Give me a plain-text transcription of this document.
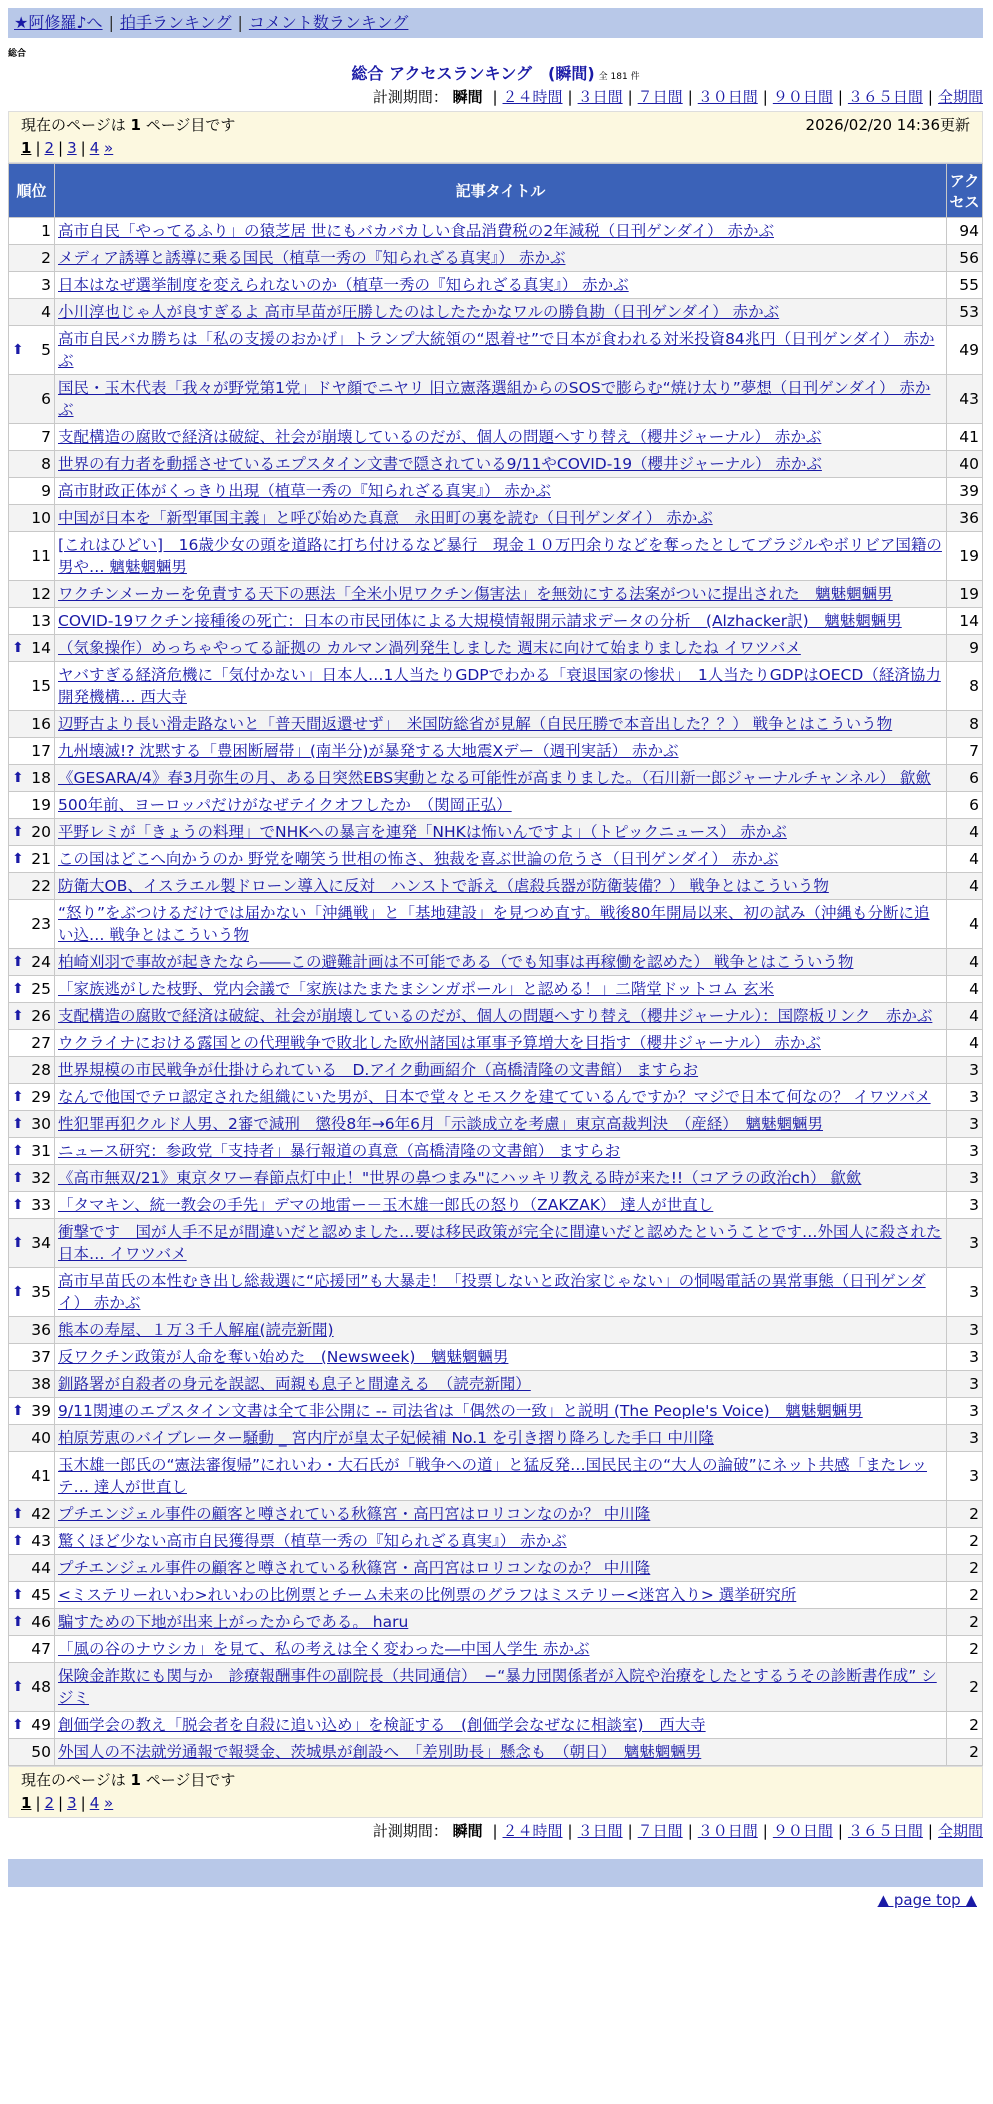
★阿修羅♪へ | 拍手ランキング | コメント数ランキング
総合
総合 アクセスランキング　(瞬間) 全 181 件
計測期間： 瞬間 | ２４時間 | ３日間 | ７日間 | ３０日間 | ９０日間 | ３６５日間 | 全期間
現在のページは 1 ページ目です	2026/02/20 14:36更新
1 | 2 | 3 | 4 »
順位	記事タイトル	アクセス
1	高市自民「やってるふり」の猿芝居 世にもバカバカしい食品消費税の2年減税（日刊ゲンダイ） 赤かぶ	94
2	メディア誘導と誘導に乗る国民（植草一秀の『知られざる真実』） 赤かぶ	56
3	日本はなぜ選挙制度を変えられないのか（植草一秀の『知られざる真実』） 赤かぶ	55
4	小川淳也じゃ人が良すぎるよ 高市早苗が圧勝したのはしたたかなワルの勝負勘（日刊ゲンダイ） 赤かぶ	53

⬆ 5	高市自民バカ勝ちは「私の支援のおかげ」トランプ大統領の“恩着せ”で日本が食われる対米投資84兆円（日刊ゲンダイ） 赤かぶ	49
6	国民・玉木代表「我々が野党第1党」ドヤ顔でニヤリ 旧立憲落選組からのSOSで膨らむ“焼け太り”夢想（日刊ゲンダイ） 赤かぶ	43
7	支配構造の腐敗で経済は破綻、社会が崩壊しているのだが、個人の問題へすり替え（櫻井ジャーナル） 赤かぶ	41
8	世界の有力者を動揺させているエプスタイン文書で隠されている9/11やCOVID-19（櫻井ジャーナル） 赤かぶ	40
9	高市財政正体がくっきり出現（植草一秀の『知られざる真実』） 赤かぶ	39
10	中国が日本を「新型軍国主義」と呼び始めた真意　永田町の裏を読む（日刊ゲンダイ） 赤かぶ	36
11	[これはひどい]　16歳少女の頭を道路に打ち付けるなど暴行　現金１０万円余りなどを奪ったとしてブラジルやボリビア国籍の男や… 魑魅魍魎男	19
12	ワクチンメーカーを免責する天下の悪法「全米小児ワクチン傷害法」を無効にする法案がついに提出された　魑魅魍魎男	19
13	COVID-19ワクチン接種後の死亡：日本の市民団体による大規模情報開示請求データの分析　(Alzhacker訳)　魑魅魍魎男	14

⬆ 14	（気象操作）めっちゃやってる証拠の カルマン渦列発生しました 週末に向けて始まりましたね イワツバメ	9
15	ヤバすぎる経済危機に「気付かない」日本人…1人当たりGDPでわかる「衰退国家の惨状」　1人当たりGDPはOECD（経済協力開発機構… 西大寺	8
16	辺野古より長い滑走路ないと「普天間返還せず」　米国防総省が見解（自民圧勝で本音出した？？） 戦争とはこういう物	8
17	九州壊滅!? 沈黙する「豊困断層帯」(南半分)が暴発する大地震Xデー（週刊実話） 赤かぶ	7

⬆ 18	《GESARA/4》春3月弥生の月、ある日突然EBS実動となる可能性が高まりました。（石川新一郎ジャーナルチャンネル） 歙歛	6
19	500年前、ヨーロッパだけがなぜテイクオフしたか　（関岡正弘）	6

⬆ 20	平野レミが「きょうの料理」でNHKへの暴言を連発「NHKは怖いんですよ」（トピックニュース） 赤かぶ	4

⬆ 21	この国はどこへ向かうのか 野党を嘲笑う世相の怖さ、独裁を喜ぶ世論の危うさ（日刊ゲンダイ） 赤かぶ	4
22	防衛大OB、イスラエル製ドローン導入に反対　ハンストで訴え（虐殺兵器が防衛装備？） 戦争とはこういう物	4
23	“怒り”をぶつけるだけでは届かない「沖縄戦」と「基地建設」を見つめ直す。戦後80年開局以来、初の試み（沖縄も分断に追い込… 戦争とはこういう物	4

⬆ 24	柏崎刈羽で事故が起きたなら――この避難計画は不可能である（でも知事は再稼働を認めた） 戦争とはこういう物	4

⬆ 25	「家族逃がした枝野、党内会議で「家族はたまたまシンガポール」と認める！」二階堂ドットコム 玄米	4

⬆ 26	支配構造の腐敗で経済は破綻、社会が崩壊しているのだが、個人の問題へすり替え（櫻井ジャーナル）：国際板リンク　赤かぶ	4
27	ウクライナにおける露国との代理戦争で敗北した欧州諸国は軍事予算増大を目指す（櫻井ジャーナル） 赤かぶ	4
28	世界規模の市民戦争が仕掛けられている　D.アイク動画紹介（高橋清隆の文書館） ますらお	3

⬆ 29	なんで他国でテロ認定された組織にいた男が、日本で堂々とモスクを建てているんですか？マジで日本て何なの？ イワツバメ	3

⬆ 30	性犯罪再犯クルド人男、2審で減刑　懲役8年→6年6月「示談成立を考慮」東京高裁判決　（産経）　魑魅魍魎男	3

⬆ 31	ニュース研究：参政党「支持者」暴行報道の真意（高橋清隆の文書館） ますらお	3

⬆ 32	《高市無双/21》東京タワー春節点灯中止！"世界の鼻つまみ"にハッキリ教える時が来た!!（コアラの政治ch） 歙歛	3

⬆ 33	「タマキン、統一教会の手先」デマの地雷ー－玉木雄一郎氏の怒り（ZAKZAK） 達人が世直し	3

⬆ 34	衝撃です　国が人手不足が間違いだと認めました…要は移民政策が完全に間違いだと認めたということです…外国人に殺された日本… イワツバメ	3

⬆ 35	高市早苗氏の本性むき出し総裁選に“応援団”も大暴走！「投票しないと政治家じゃない」の恫喝電話の異常事態（日刊ゲンダイ） 赤かぶ	3
36	熊本の寿屋、１万３千人解雇(読売新聞)	3
37	反ワクチン政策が人命を奪い始めた　(Newsweek)　魑魅魍魎男	3
38	釧路署が自殺者の身元を誤認、両親も息子と間違える　（読売新聞）	3

⬆ 39	9/11関連のエプスタイン文書は全て非公開に -- 司法省は「偶然の一致」と説明 (The People's Voice)　魑魅魍魎男	3
40	柏原芳恵のバイブレーター騒動 _ 宮内庁が皇太子妃候補 No.1 を引き摺り降ろした手口 中川隆	3
41	玉木雄一郎氏の“憲法審復帰”にれいわ・大石氏が「戦争への道」と猛反発…国民民主の“大人の論破”にネット共感「またレッテ… 達人が世直し	3

⬆ 42	プチエンジェル事件の顧客と噂されている秋篠宮・高円宮はロリコンなのか？ 中川隆	2

⬆ 43	驚くほど少ない高市自民獲得票（植草一秀の『知られざる真実』） 赤かぶ	2
44	プチエンジェル事件の顧客と噂されている秋篠宮・高円宮はロリコンなのか？ 中川隆	2

⬆ 45	<ミステリーれいわ>れいわの比例票とチーム未来の比例票のグラフはミステリー<迷宮入り> 選挙研究所	2

⬆ 46	騙すための下地が出来上がったからである。 haru	2
47	「風の谷のナウシカ」を見て、私の考えは全く変わった―中国人学生 赤かぶ	2

⬆ 48	保険金詐欺にも関与か　診療報酬事件の副院長（共同通信）　−“暴力団関係者が入院や治療をしたとするうその診断書作成” シジミ	2

⬆ 49	創価学会の教え「脱会者を自殺に追い込め」を検証する　(創価学会なぜなに相談室)　西大寺	2
50	外国人の不法就労通報で報奨金、茨城県が創設へ　「差別助長」懸念も　（朝日）　魑魅魍魎男	2
現在のページは 1 ページ目です
1 | 2 | 3 | 4 »
計測期間： 瞬間 | ２４時間 | ３日間 | ７日間 | ３０日間 | ９０日間 | ３６５日間 | 全期間
▲ page top ▲
